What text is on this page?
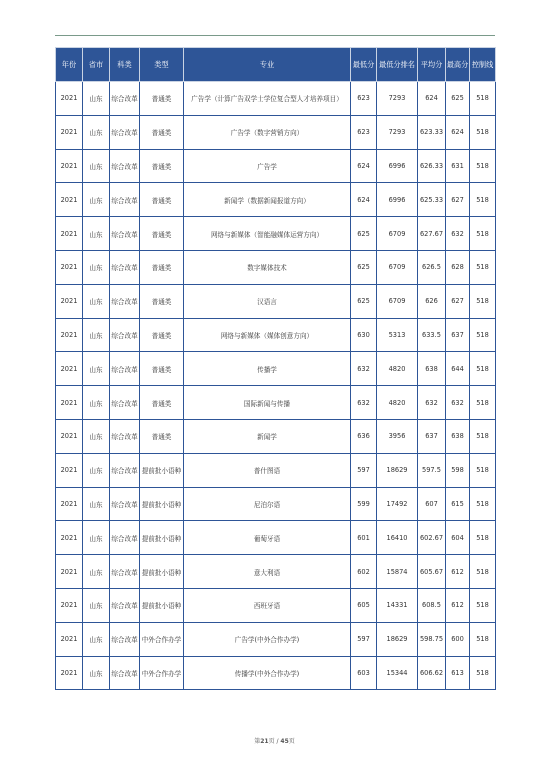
年份	省市	科类	类型	专业	最低分	最低分排名	平均分	最高分	控制线
2021	山东	综合改革	普通类	广告学（计算广告双学士学位复合型人才培养项目）	623	7293	624	625	518
2021	山东	综合改革	普通类	广告学（数字营销方向）	623	7293	623.33	624	518
2021	山东	综合改革	普通类	广告学	624	6996	626.33	631	518
2021	山东	综合改革	普通类	新闻学（数据新闻报道方向）	624	6996	625.33	627	518
2021	山东	综合改革	普通类	网络与新媒体（智能融媒体运营方向）	625	6709	627.67	632	518
2021	山东	综合改革	普通类	数字媒体技术	625	6709	626.5	628	518
2021	山东	综合改革	普通类	汉语言	625	6709	626	627	518
2021	山东	综合改革	普通类	网络与新媒体（媒体创意方向）	630	5313	633.5	637	518
2021	山东	综合改革	普通类	传播学	632	4820	638	644	518
2021	山东	综合改革	普通类	国际新闻与传播	632	4820	632	632	518
2021	山东	综合改革	普通类	新闻学	636	3956	637	638	518
2021	山东	综合改革	提前批小语种	普什图语	597	18629	597.5	598	518
2021	山东	综合改革	提前批小语种	尼泊尔语	599	17492	607	615	518
2021	山东	综合改革	提前批小语种	葡萄牙语	601	16410	602.67	604	518
2021	山东	综合改革	提前批小语种	意大利语	602	15874	605.67	612	518
2021	山东	综合改革	提前批小语种	西班牙语	605	14331	608.5	612	518
2021	山东	综合改革	中外合作办学	广告学(中外合作办学)	597	18629	598.75	600	518
2021	山东	综合改革	中外合作办学	传播学(中外合作办学)	603	15344	606.62	613	518
第21页 / 45页
